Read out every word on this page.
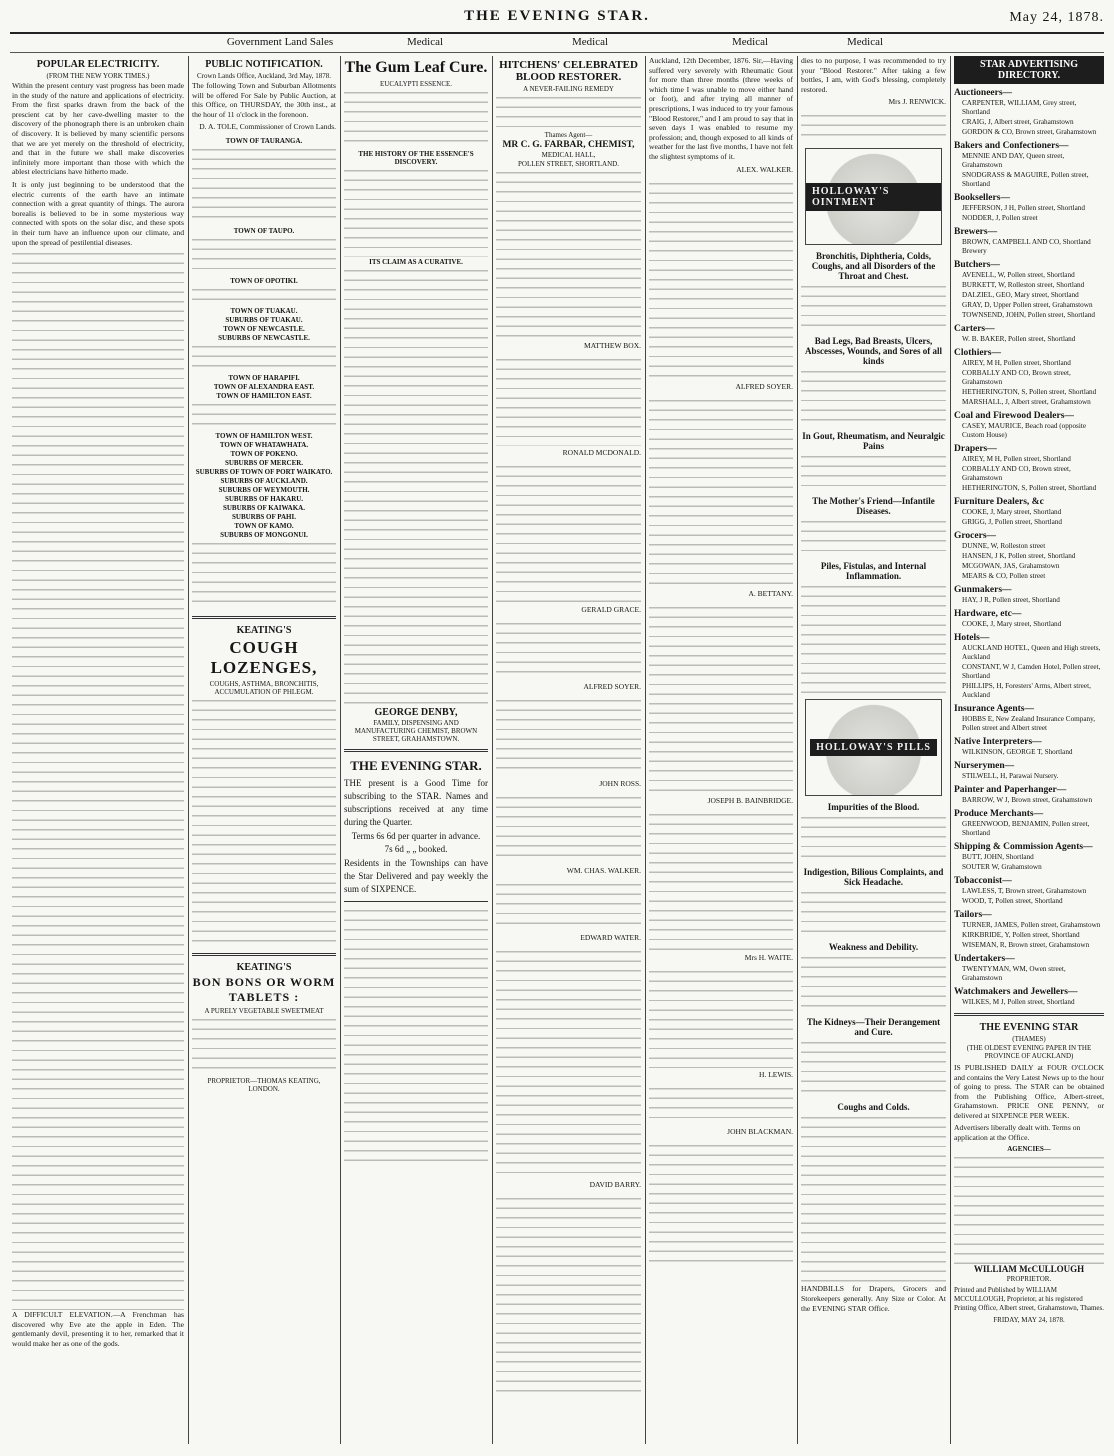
THE EVENING STAR.	May 24, 1878.
Government Land Sales	Medical	Medical	Medical	Medical
POPULAR ELECTRICITY.
(FROM THE NEW YORK TIMES.)

Within the present century vast progress has been made in the study of the nature and applications of electricity. From the first sparks drawn from the back of the prescient cat by her cave-dwelling master to the discovery of the phonograph there is an unbroken chain of discovery. It is believed by many scientific persons that we are yet merely on the threshold of electricity, and that in the future we shall make discoveries infinitely more important than those with which the ablest electricians have hitherto made.

It is only just beginning to be understood that the electric currents of the earth have an intimate connection with a great quantity of things. The aurora borealis is believed to be in some mysterious way connected with spots on the solar disc, and these spots in their turn have an influence upon our climate, and upon the spread of pestilential diseases.

A DIFFICULT ELEVATION.—A Frenchman has discovered why Eve ate the apple in Eden. The gentlemanly devil, presenting it to her, remarked that it would make her as one of the gods.

PUBLIC NOTIFICATION.
Crown Lands Office, Auckland, 3rd May, 1878.

The following Town and Suburban Allotments will be offered For Sale by Public Auction, at this Office, on THURSDAY, the 30th inst., at the hour of 11 o'clock in the forenoon.

D. A. TOLE, Commissioner of Crown Lands.
TOWN OF TAURANGA.
TOWN OF TAUPO.
TOWN OF OPOTIKI.
TOWN OF TUAKAU.
SUBURBS OF TUAKAU.
TOWN OF NEWCASTLE.
SUBURBS OF NEWCASTLE.
TOWN OF HARAPIFI.
TOWN OF ALEXANDRA EAST.
TOWN OF HAMILTON EAST.
TOWN OF HAMILTON WEST.
TOWN OF WHATAWHATA.
TOWN OF POKENO.
SUBURBS OF MERCER.
SUBURBS OF TOWN OF PORT WAIKATO.
SUBURBS OF AUCKLAND.
SUBURBS OF WEYMOUTH.
SUBURBS OF HAKARU.
SUBURBS OF KAIWAKA.
SUBURBS OF PAHI.
TOWN OF KAMO.
SUBURBS OF MONGONUI.
KEATING'S
COUGH LOZENGES,
COUGHS, ASTHMA, BRONCHITIS, ACCUMULATION OF PHLEGM.
KEATING'S
BON BONS OR WORM TABLETS :
A PURELY VEGETABLE SWEETMEAT
PROPRIETOR—THOMAS KEATING, LONDON.
The Gum Leaf Cure.
EUCALYPTI ESSENCE.
THE HISTORY OF THE ESSENCE'S DISCOVERY.
ITS CLAIM AS A CURATIVE.
GEORGE DENBY,
FAMILY, DISPENSING AND MANUFACTURING CHEMIST, BROWN STREET, GRAHAMSTOWN.
THE EVENING STAR.

THE present is a Good Time for subscribing to the STAR. Names and subscriptions received at any time during the Quarter.

Terms 6s 6d per quarter in advance.

7s 6d „ „ booked.

Residents in the Townships can have the Star Delivered and pay weekly the sum of SIXPENCE.

HITCHENS' CELEBRATED BLOOD RESTORER.
A NEVER-FAILING REMEDY
Thames Agent—
MR C. G. FARBAR, CHEMIST,
MEDICAL HALL,
POLLEN STREET, SHORTLAND.
MATTHEW BOX.
RONALD MCDONALD.
GERALD GRACE.
ALFRED SOYER.
JOHN ROSS.
WM. CHAS. WALKER.
EDWARD WATER.
DAVID BARRY.

Auckland, 12th December, 1876. Sir,—Having suffered very severely with Rheumatic Gout for more than three months (three weeks of which time I was unable to move either hand or foot), and after trying all manner of prescriptions, I was induced to try your famous "Blood Restorer," and I am proud to say that in seven days I was enabled to resume my profession; and, though exposed to all kinds of weather for the last five months, I have not felt the slightest symptoms of it.

ALEX. WALKER.
ALFRED SOYER.
A. BETTANY.
JOSEPH B. BAINBRIDGE.
Mrs H. WAITE.
H. LEWIS.
JOHN BLACKMAN.

dies to no purpose, I was recommended to try your "Blood Restorer." After taking a few bottles, I am, with God's blessing, completely restored.

Mrs J. RENWICK.
HOLLOWAY'S OINTMENT
Bronchitis, Diphtheria, Colds, Coughs, and all Disorders of the Throat and Chest.
Bad Legs, Bad Breasts, Ulcers, Abscesses, Wounds, and Sores of all kinds
In Gout, Rheumatism, and Neuralgic Pains
The Mother's Friend—Infantile Diseases.
Piles, Fistulas, and Internal Inflammation.
HOLLOWAY'S PILLS
Impurities of the Blood.
Indigestion, Bilious Complaints, and Sick Headache.
Weakness and Debility.
The Kidneys—Their Derangement and Cure.
Coughs and Colds.

HANDBILLS for Drapers, Grocers and Storekeepers generally. Any Size or Color. At the EVENING STAR Office.

STAR ADVERTISING DIRECTORY.
Auctioneers—

CARPENTER, WILLIAM, Grey street, Shortland

CRAIG, J, Albert street, Grahamstown

GORDON & CO, Brown street, Grahamstown

Bakers and Confectioners—

MENNIE AND DAY, Queen street, Grahamstown

SNODGRASS & MAGUIRE, Pollen street, Shortland

Booksellers—

JEFFERSON, J H, Pollen street, Shortland

NODDER, J, Pollen street

Brewers—

BROWN, CAMPBELL AND CO, Shortland Brewery

Butchers—

AVENELL, W, Pollen street, Shortland

BURKETT, W, Rolleston street, Shortland

DALZIEL, GEO, Mary street, Shortland

GRAY, D, Upper Pollen street, Grahamstown

TOWNSEND, JOHN, Pollen street, Shortland

Carters—

W. B. BAKER, Pollen street, Shortland

Clothiers—

AIREY, M H, Pollen street, Shortland

CORBALLY AND CO, Brown street, Grahamstown

HETHERINGTON, S, Pollen street, Shortland

MARSHALL, J, Albert street, Grahamstown

Coal and Firewood Dealers—

CASEY, MAURICE, Beach road (opposite Custom House)

Drapers—

AIREY, M H, Pollen street, Shortland

CORBALLY AND CO, Brown street, Grahamstown

HETHERINGTON, S, Pollen street, Shortland

Furniture Dealers, &c

COOKE, J, Mary street, Shortland

GRIGG, J, Pollen street, Shortland

Grocers—

DUNNE, W, Rolleston street

HANSEN, J K, Pollen street, Shortland

MCGOWAN, JAS, Grahamstown

MEARS & CO, Pollen street

Gunmakers—

HAY, J R, Pollen street, Shortland

Hardware, etc—

COOKE, J, Mary street, Shortland

Hotels—

AUCKLAND HOTEL, Queen and High streets, Auckland

CONSTANT, W J, Camden Hotel, Pollen street, Shortland

PHILLIPS, H, Foresters' Arms, Albert street, Auckland

Insurance Agents—

HOBBS E, New Zealand Insurance Company, Pollen street and Albert street

Native Interpreters—

WILKINSON, GEORGE T, Shortland

Nurserymen—

STILWELL, H, Parawai Nursery.

Painter and Paperhanger—

BARROW, W J, Brown street, Grahamstown

Produce Merchants—

GREENWOOD, BENJAMIN, Pollen street, Shortland

Shipping & Commission Agents—

BUTT, JOHN, Shortland

SOUTER W, Grahamstown

Tobacconist—

LAWLESS, T, Brown street, Grahamstown

WOOD, T, Pollen street, Shortland

Tailors—

TURNER, JAMES, Pollen street, Grahamstown

KIRKBRIDE, Y, Pollen street, Shortland

WISEMAN, R, Brown street, Grahamstown

Undertakers—

TWENTYMAN, WM, Owen street, Grahamstown

Watchmakers and Jewellers—

WILKES, M J, Pollen street, Shortland

THE EVENING STAR
(THAMES)
(THE OLDEST EVENING PAPER IN THE PROVINCE OF AUCKLAND)

IS PUBLISHED DAILY at FOUR O'CLOCK and contains the Very Latest News up to the hour of going to press. The STAR can be obtained from the Publishing Office, Albert-street, Grahamstown. PRICE ONE PENNY, or delivered at SIXPENCE PER WEEK.

Advertisers liberally dealt with. Terms on application at the Office.

AGENCIES—
WILLIAM McCULLOUGH
PROPRIETOR.

Printed and Published by WILLIAM MCCULLOUGH, Proprietor, at his registered Printing Office, Albert street, Grahamstown, Thames.

FRIDAY, MAY 24, 1878.
